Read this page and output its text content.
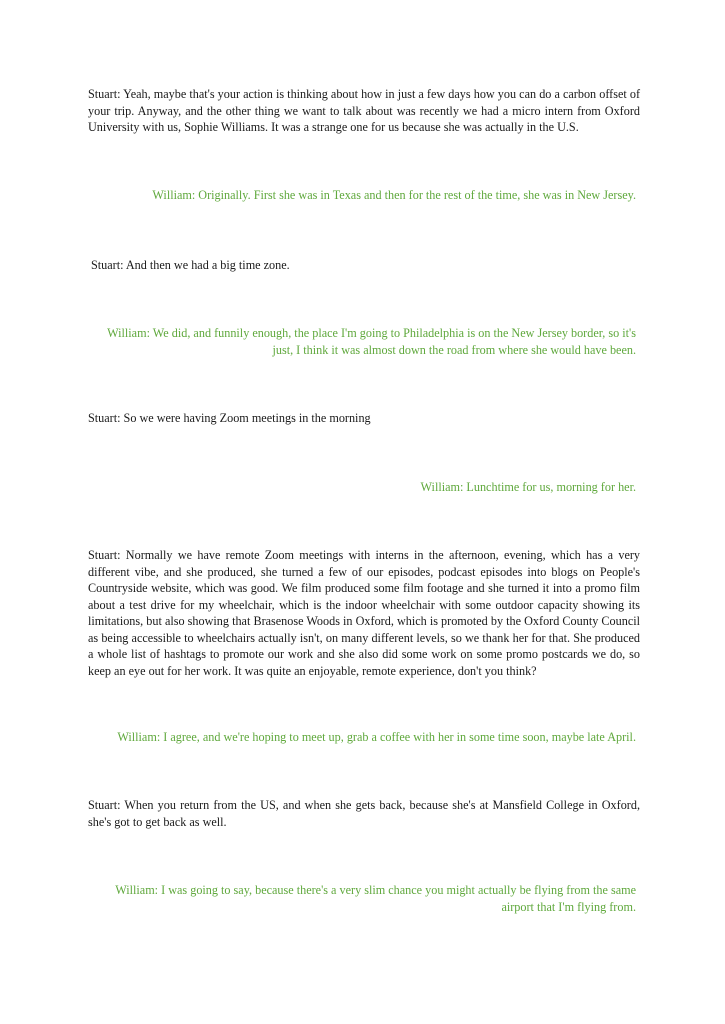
Stuart: Yeah, maybe that's your action is thinking about how in just a few days how you can do a carbon offset of your trip. Anyway, and the other thing we want to talk about was recently we had a micro intern from Oxford University with us, Sophie Williams. It was a strange one for us because she was actually in the U.S.

William: Originally. First she was in Texas and then for the rest of the time, she was in New Jersey.

Stuart: And then we had a big time zone.

William: We did, and funnily enough, the place I'm going to Philadelphia is on the New Jersey border, so it's just, I think it was almost down the road from where she would have been.

Stuart: So we were having Zoom meetings in the morning

William: Lunchtime for us, morning for her.

Stuart: Normally we have remote Zoom meetings with interns in the afternoon, evening, which has a very different vibe, and she produced, she turned a few of our episodes, podcast episodes into blogs on People's Countryside website, which was good. We film produced some film footage and she turned it into a promo film about a test drive for my wheelchair, which is the indoor wheelchair with some outdoor capacity showing its limitations, but also showing that Brasenose Woods in Oxford, which is promoted by the Oxford County Council as being accessible to wheelchairs actually isn't, on many different levels, so we thank her for that. She produced a whole list of hashtags to promote our work and she also did some work on some promo postcards we do, so keep an eye out for her work. It was quite an enjoyable, remote experience, don't you think?

William: I agree, and we're hoping to meet up, grab a coffee with her in some time soon, maybe late April.

Stuart: When you return from the US, and when she gets back, because she's at Mansfield College in Oxford, she's got to get back as well.

William: I was going to say, because there's a very slim chance you might actually be flying from the same airport that I'm flying from.
